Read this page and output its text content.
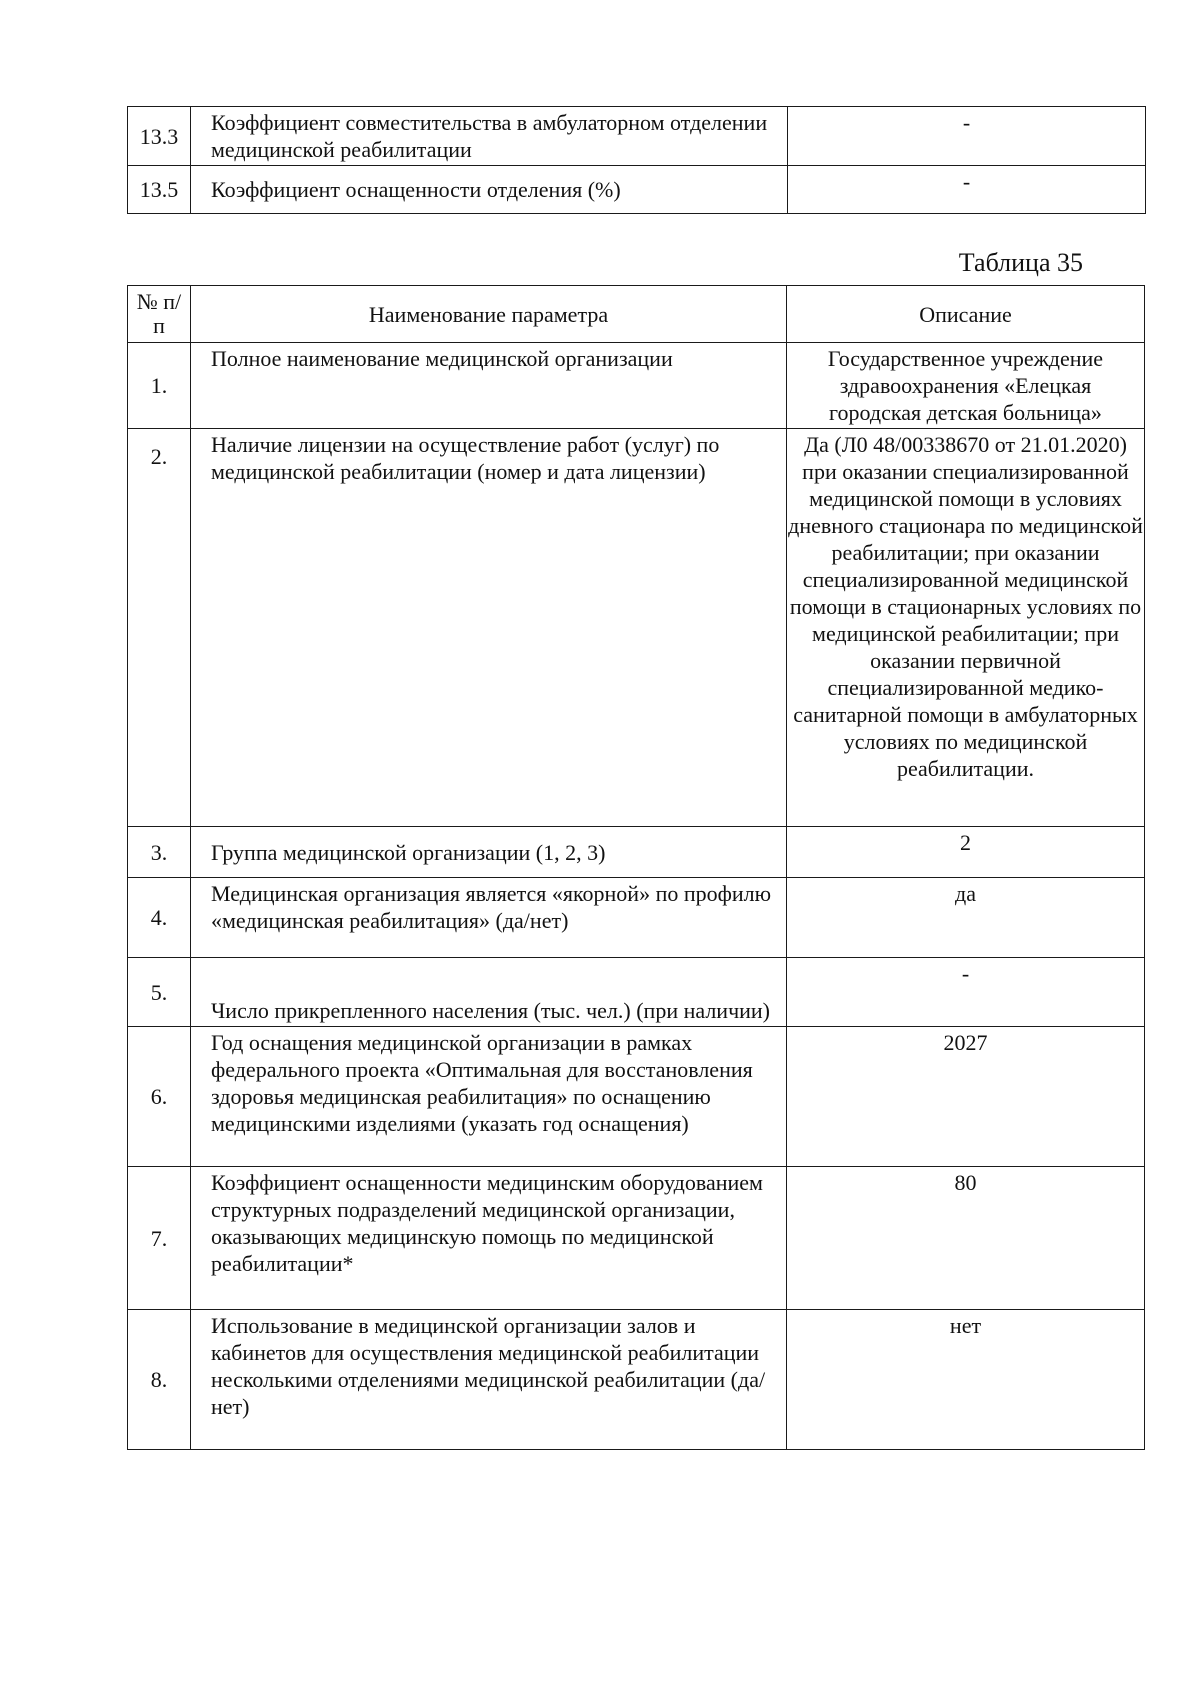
13.3	Коэффициент совместительства в амбулаторном отделении медицинской реабилитации	-
13.5	Коэффициент оснащенности отделения (%)	-
Таблица 35
№ п/п	Наименование параметра	Описание
1.	Полное наименование медицинской организации	Государственное учреждение здравоохранения «Елецкая городская детская больница»
2.	Наличие лицензии на осуществление работ (услуг) по медицинской реабилитации (номер и дата лицензии)	Да (Л0 48/00338670 от 21.01.2020) при оказании специализированной медицинской помощи в условиях дневного стационара по медицинской реабилитации; при оказании специализированной медицинской помощи в стационарных условиях по медицинской реабилитации; при оказании первичной специализированной медико-санитарной помощи в амбулаторных условиях по медицинской реабилитации.
3.	Группа медицинской организации (1, 2, 3)	2
4.	Медицинская организация является «якорной» по профилю «медицинская реабилитация» (да/нет)	да
5.	Число прикрепленного населения (тыс. чел.) (при наличии)	-
6.	Год оснащения медицинской организации в рамках федерального проекта «Оптимальная для восстановления здоровья медицинская реабилитация» по оснащению медицинскими изделиями (указать год оснащения)	2027
7.	Коэффициент оснащенности медицинским оборудованием структурных подразделений медицинской организации, оказывающих медицинскую помощь по медицинской реабилитации*	80
8.	Использование в медицинской организации залов и кабинетов для осуществления медицинской реабилитации несколькими отделениями медицинской реабилитации (да/нет)	нет
